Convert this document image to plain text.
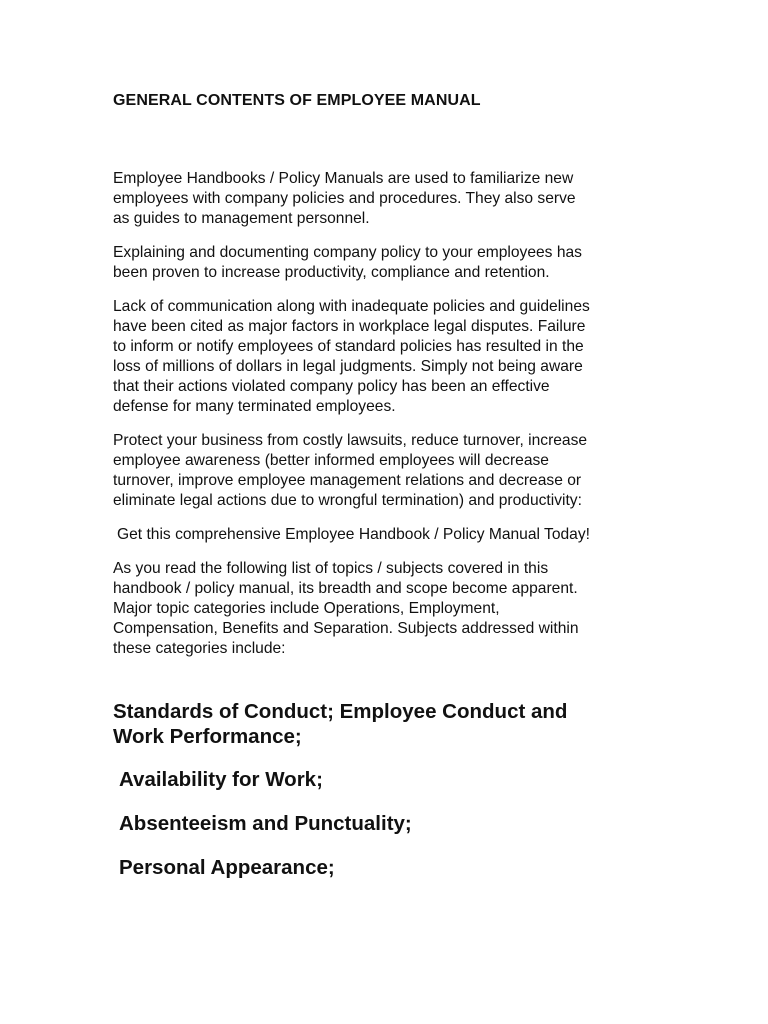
GENERAL CONTENTS OF EMPLOYEE MANUAL

Employee Handbooks / Policy Manuals are used to familiarize new
employees with company policies and procedures. They also serve
as guides to management personnel.

Explaining and documenting company policy to your employees has
been proven to increase productivity, compliance and retention.

Lack of communication along with inadequate policies and guidelines
have been cited as major factors in workplace legal disputes. Failure
to inform or notify employees of standard policies has resulted in the
loss of millions of dollars in legal judgments. Simply not being aware
that their actions violated company policy has been an effective
defense for many terminated employees.

Protect your business from costly lawsuits, reduce turnover, increase
employee awareness (better informed employees will decrease
turnover, improve employee management relations and decrease or
eliminate legal actions due to wrongful termination) and productivity:

Get this comprehensive Employee Handbook / Policy Manual Today!

As you read the following list of topics / subjects covered in this
handbook / policy manual, its breadth and scope become apparent.
Major topic categories include Operations, Employment,
Compensation, Benefits and Separation. Subjects addressed within
these categories include:

Standards of Conduct; Employee Conduct and
Work Performance;
Availability for Work;
Absenteeism and Punctuality;
Personal Appearance;
